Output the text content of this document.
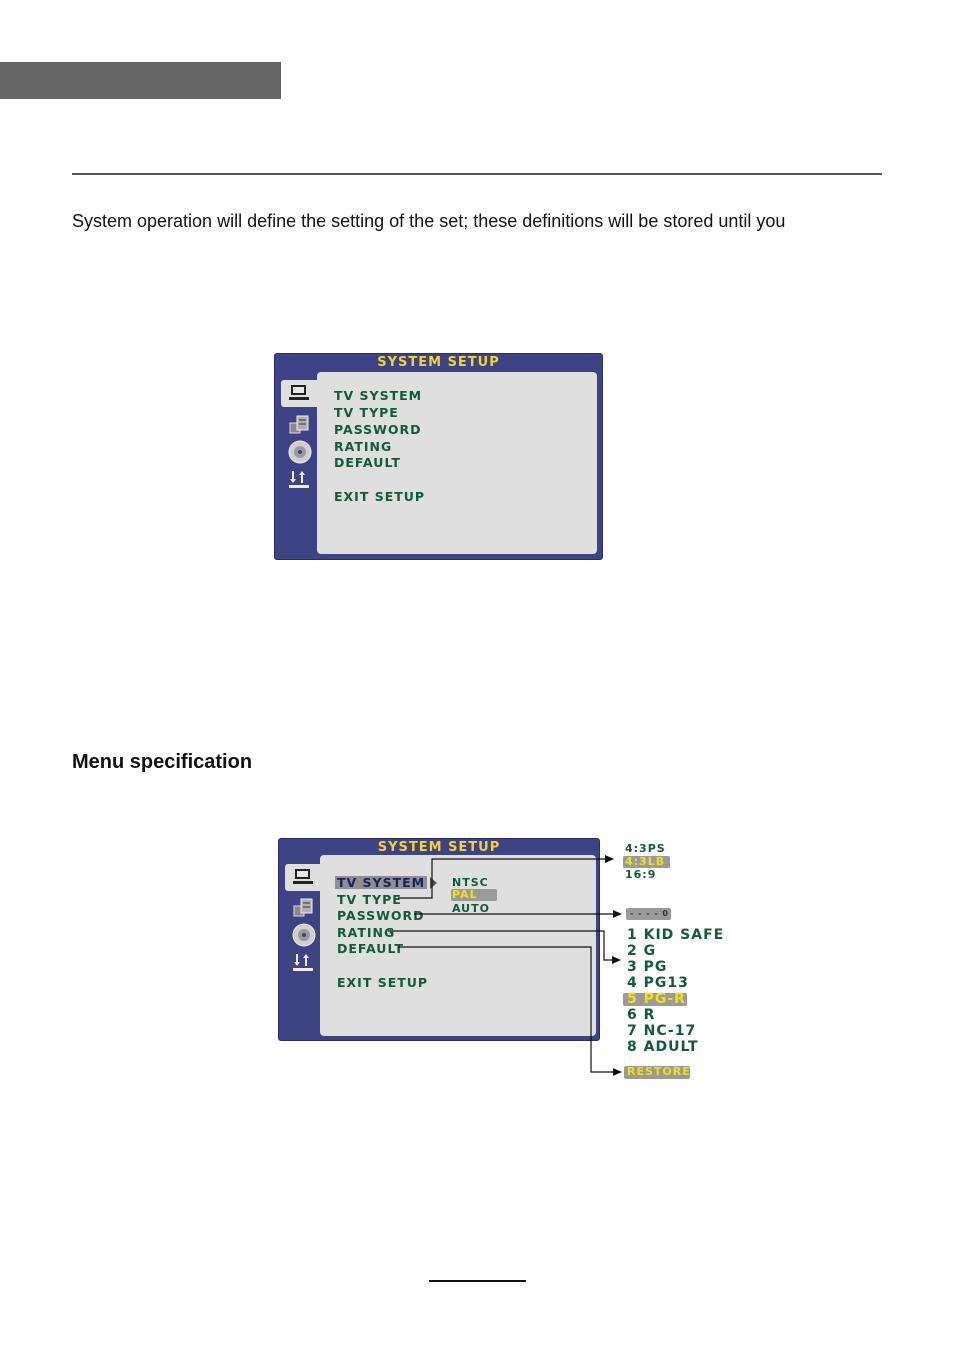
System operation will define the setting of the set; these definitions will be stored until you
SYSTEM SETUP
TV SYSTEM
TV TYPE
PASSWORD
RATING
DEFAULT
EXIT SETUP
Menu specification
SYSTEM SETUP
TV SYSTEM
TV TYPE
PASSWORD
RATING
DEFAULT
EXIT SETUP
NTSC
PAL
AUTO
4:3PS
4:3LB
16:9
- - - - 0
1 KID SAFE
2 G
3 PG
4 PG13
5 PG-R
6 R
7 NC-17
8 ADULT
RESTORE
